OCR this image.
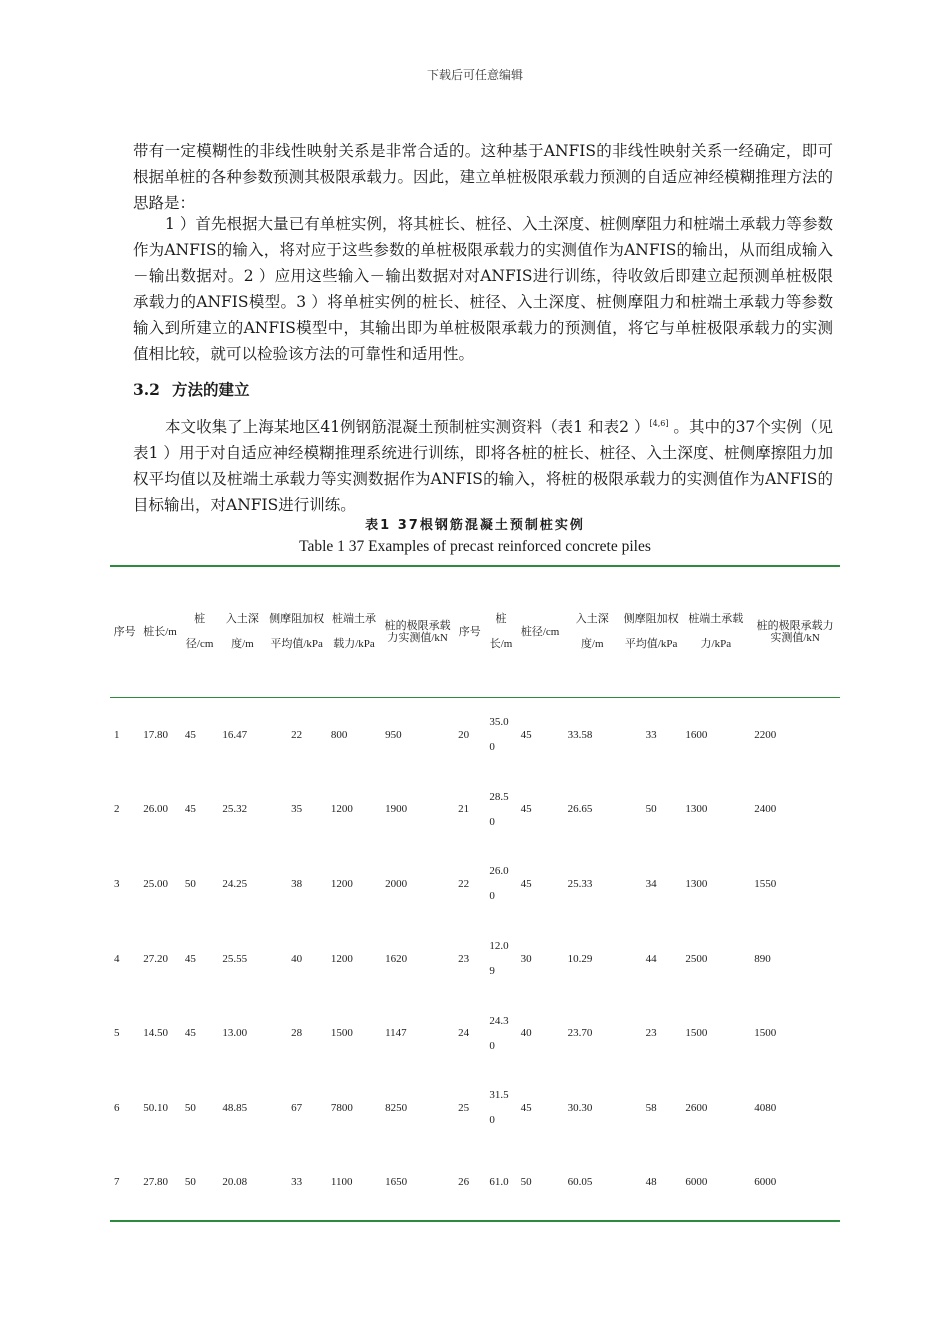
下载后可任意编辑

带有一定模糊性的非线性映射关系是非常合适的。这种基于ANFIS的非线性映射关系一经确定，即可根据单桩的各种参数预测其极限承载力。因此，建立单桩极限承载力预测的自适应神经模糊推理方法的思路是：

1 ）首先根据大量已有单桩实例，将其桩长、桩径、入土深度、桩侧摩阻力和桩端土承载力等参数作为ANFIS的输入，将对应于这些参数的单桩极限承载力的实测值作为ANFIS的输出，从而组成输入－输出数据对。2 ）应用这些输入－输出数据对对ANFIS进行训练，待收敛后即建立起预测单桩极限承载力的ANFIS模型。3 ）将单桩实例的桩长、桩径、入土深度、桩侧摩阻力和桩端土承载力等参数输入到所建立的ANFIS模型中，其输出即为单桩极限承载力的预测值，将它与单桩极限承载力的实测值相比较，就可以检验该方法的可靠性和适用性。

3.2 方法的建立

本文收集了上海某地区41例钢筋混凝土预制桩实测资料（表1 和表2 ）[4,6] 。其中的37个实例（见表1 ）用于对自适应神经模糊推理系统进行训练，即将各桩的桩长、桩径、入土深度、桩侧摩擦阻力加权平均值以及桩端土承载力等实测数据作为ANFIS的输入，将桩的极限承载力的实测值作为ANFIS的目标输出，对ANFIS进行训练。

表1 37根钢筋混凝土预制桩实例
Table 1 37 Examples of precast reinforced concrete piles
序号	桩长/m	桩径/cm	入土深度/m	侧摩阻加权平均值/kPa	桩端土承载力/kPa	桩的极限承载力实测值/kN	序号	桩长/m	桩径/cm	入土深度/m	侧摩阻加权平均值/kPa	桩端土承载力/kPa	桩的极限承载力实测值/kN
1	17.80	45	16.47	22	800	950	20	35.00	45	33.58	33	1600	2200
2	26.00	45	25.32	35	1200	1900	21	28.50	45	26.65	50	1300	2400
3	25.00	50	24.25	38	1200	2000	22	26.00	45	25.33	34	1300	1550
4	27.20	45	25.55	40	1200	1620	23	12.09	30	10.29	44	2500	890
5	14.50	45	13.00	28	1500	1147	24	24.30	40	23.70	23	1500	1500
6	50.10	50	48.85	67	7800	8250	25	31.50	45	30.30	58	2600	4080
7	27.80	50	20.08	33	1100	1650	26	61.0	50	60.05	48	6000	6000
